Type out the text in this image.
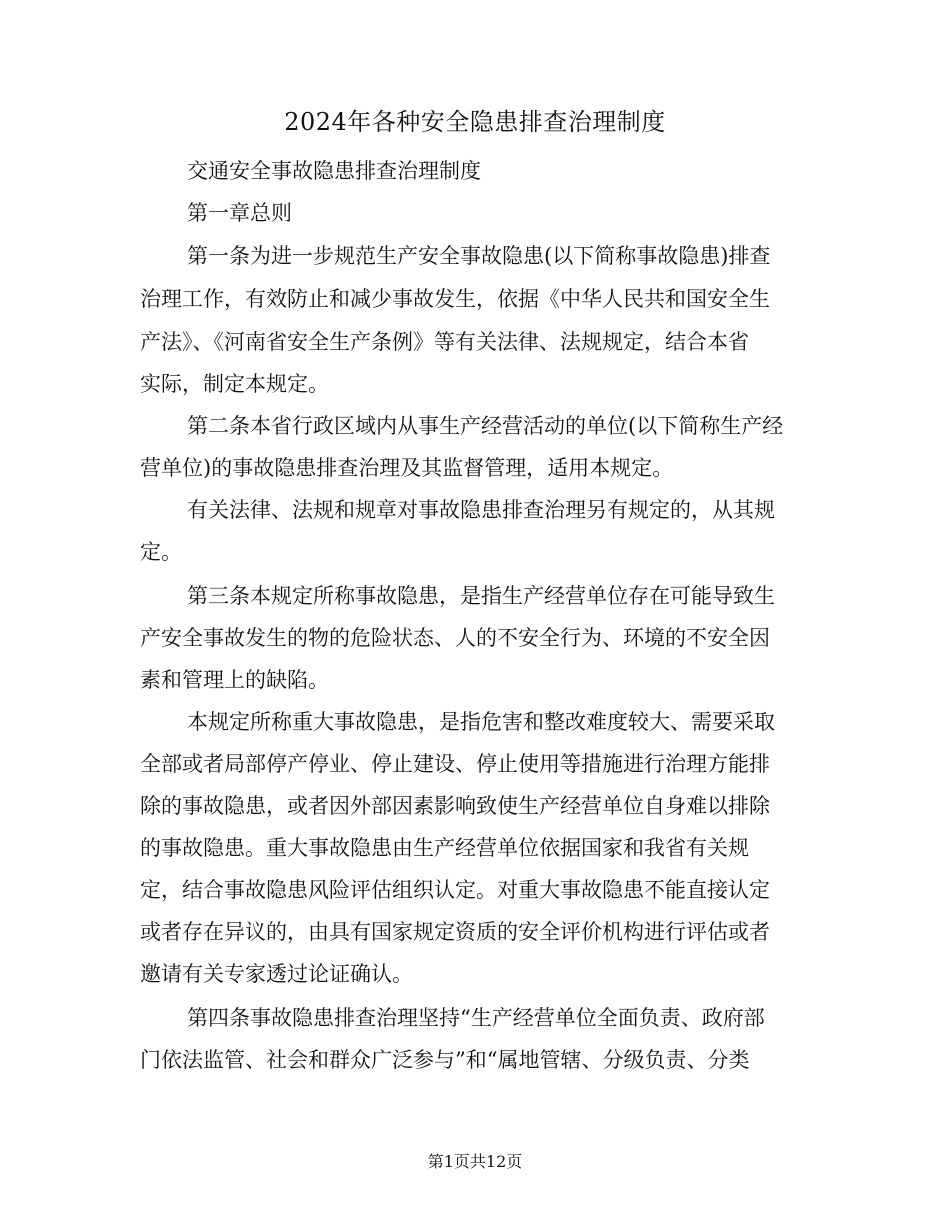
2024年各种安全隐患排查治理制度
交通安全事故隐患排查治理制度
第一章总则
第一条为进一步规范生产安全事故隐患(以下简称事故隐患)排查
治理工作，有效防止和减少事故发生，依据《中华人民共和国安全生
产法》、《河南省安全生产条例》等有关法律、法规规定，结合本省
实际，制定本规定。
第二条本省行政区域内从事生产经营活动的单位(以下简称生产经
营单位)的事故隐患排查治理及其监督管理，适用本规定。
有关法律、法规和规章对事故隐患排查治理另有规定的，从其规
定。
第三条本规定所称事故隐患，是指生产经营单位存在可能导致生
产安全事故发生的物的危险状态、人的不安全行为、环境的不安全因
素和管理上的缺陷。
本规定所称重大事故隐患，是指危害和整改难度较大、需要采取
全部或者局部停产停业、停止建设、停止使用等措施进行治理方能排
除的事故隐患，或者因外部因素影响致使生产经营单位自身难以排除
的事故隐患。重大事故隐患由生产经营单位依据国家和我省有关规
定，结合事故隐患风险评估组织认定。对重大事故隐患不能直接认定
或者存在异议的，由具有国家规定资质的安全评价机构进行评估或者
邀请有关专家透过论证确认。
第四条事故隐患排查治理坚持“生产经营单位全面负责、政府部
门依法监管、社会和群众广泛参与”和“属地管辖、分级负责、分类
第1页共12页
